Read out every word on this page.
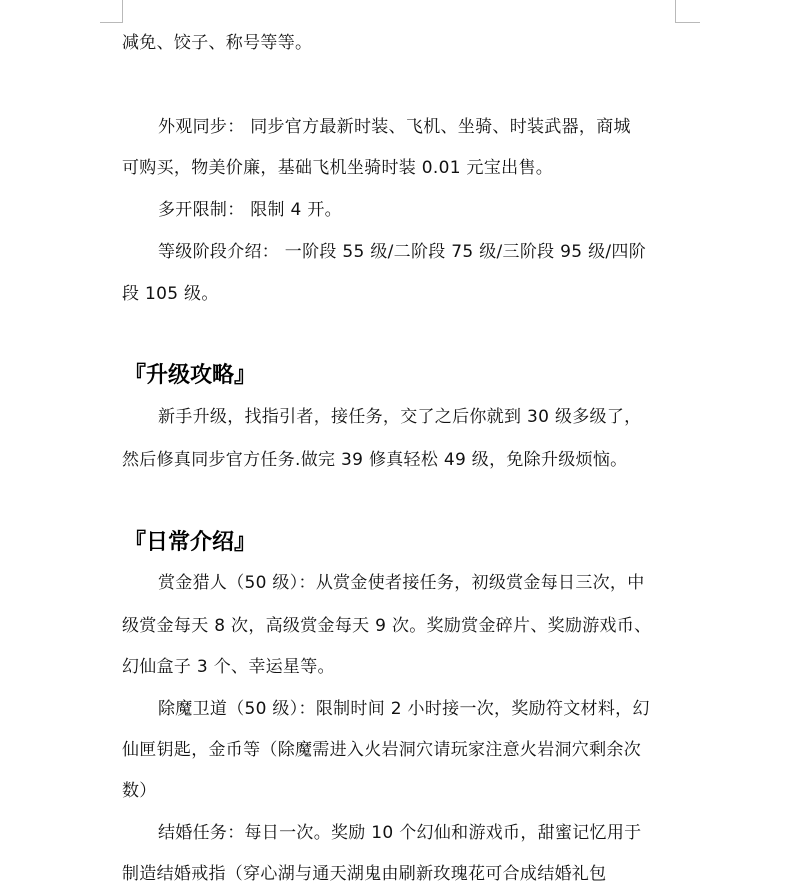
减免、饺子、称号等等。
外观同步： 同步官方最新时装、飞机、坐骑、时装武器，商城
可购买，物美价廉，基础飞机坐骑时装 0.01 元宝出售。
多开限制： 限制 4 开。
等级阶段介绍： 一阶段 55 级/二阶段 75 级/三阶段 95 级/四阶
段 105 级。
『升级攻略』
新手升级，找指引者，接任务，交了之后你就到 30 级多级了，
然后修真同步官方任务.做完 39 修真轻松 49 级，免除升级烦恼。
『日常介绍』
赏金猎人（50 级）：从赏金使者接任务，初级赏金每日三次，中
级赏金每天 8 次，高级赏金每天 9 次。奖励赏金碎片、奖励游戏币、
幻仙盒子 3 个、幸运星等。
除魔卫道（50 级）：限制时间 2 小时接一次，奖励符文材料，幻
仙匣钥匙，金币等（除魔需进入火岩洞穴请玩家注意火岩洞穴剩余次
数）
结婚任务：每日一次。奖励 10 个幻仙和游戏币，甜蜜记忆用于
制造结婚戒指（穿心湖与通天湖鬼由刷新玫瑰花可合成结婚礼包
